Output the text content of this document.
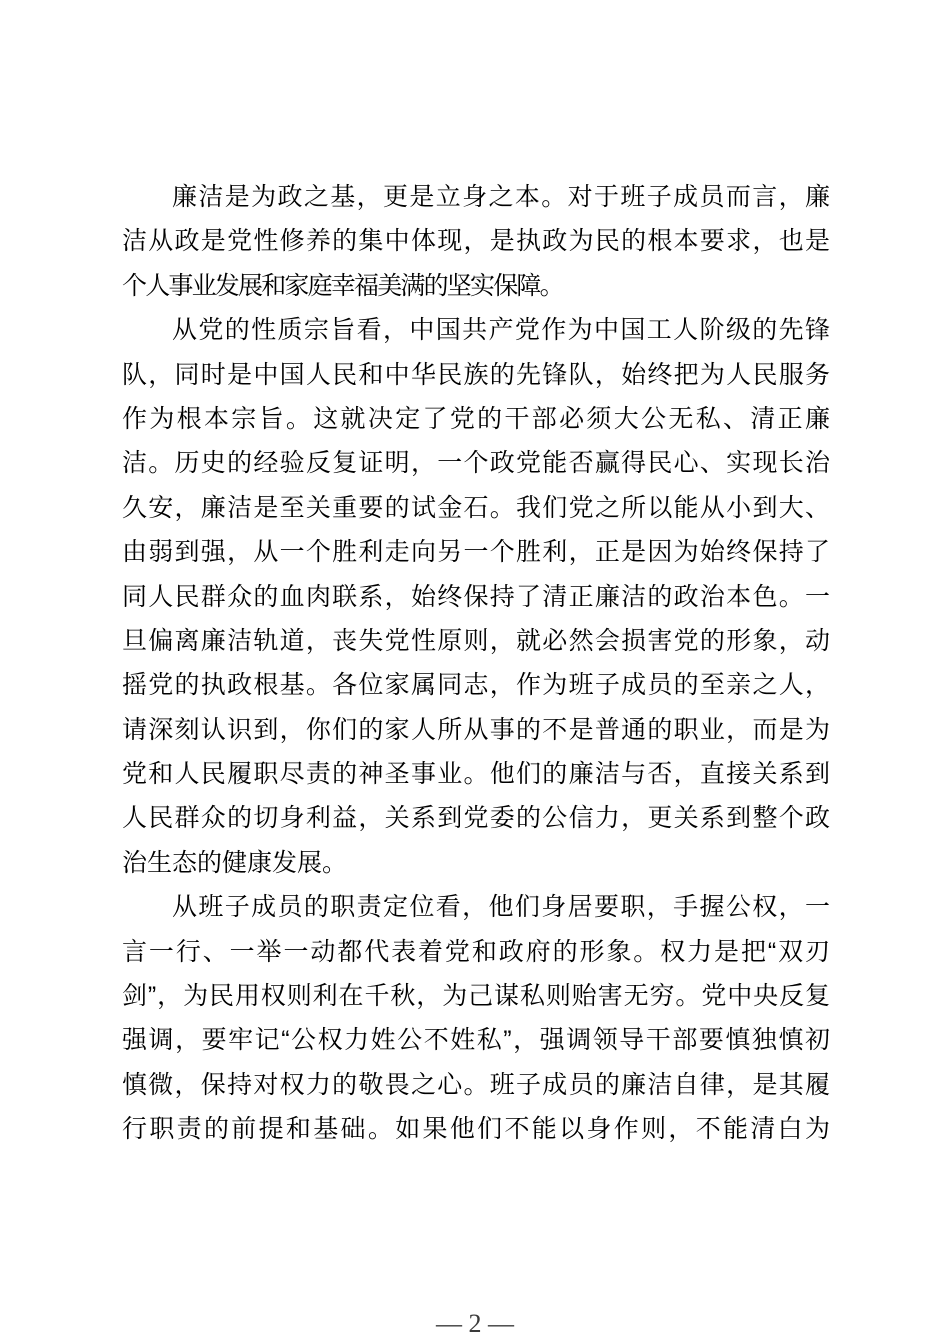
廉洁是为政之基，更是立身之本。对于班子成员而言，廉
洁从政是党性修养的集中体现，是执政为民的根本要求，也是
个人事业发展和家庭幸福美满的坚实保障。
从党的性质宗旨看，中国共产党作为中国工人阶级的先锋
队，同时是中国人民和中华民族的先锋队，始终把为人民服务
作为根本宗旨。这就决定了党的干部必须大公无私、清正廉
洁。历史的经验反复证明，一个政党能否赢得民心、实现长治
久安，廉洁是至关重要的试金石。我们党之所以能从小到大、
由弱到强，从一个胜利走向另一个胜利，正是因为始终保持了
同人民群众的血肉联系，始终保持了清正廉洁的政治本色。一
旦偏离廉洁轨道，丧失党性原则，就必然会损害党的形象，动
摇党的执政根基。各位家属同志，作为班子成员的至亲之人，
请深刻认识到，你们的家人所从事的不是普通的职业，而是为
党和人民履职尽责的神圣事业。他们的廉洁与否，直接关系到
人民群众的切身利益，关系到党委的公信力，更关系到整个政
治生态的健康发展。
从班子成员的职责定位看，他们身居要职，手握公权，一
言一行、一举一动都代表着党和政府的形象。权力是把“双刃
剑”，为民用权则利在千秋，为己谋私则贻害无穷。党中央反复
强调，要牢记“公权力姓公不姓私”，强调领导干部要慎独慎初
慎微，保持对权力的敬畏之心。班子成员的廉洁自律，是其履
行职责的前提和基础。如果他们不能以身作则，不能清白为
— 2 —
